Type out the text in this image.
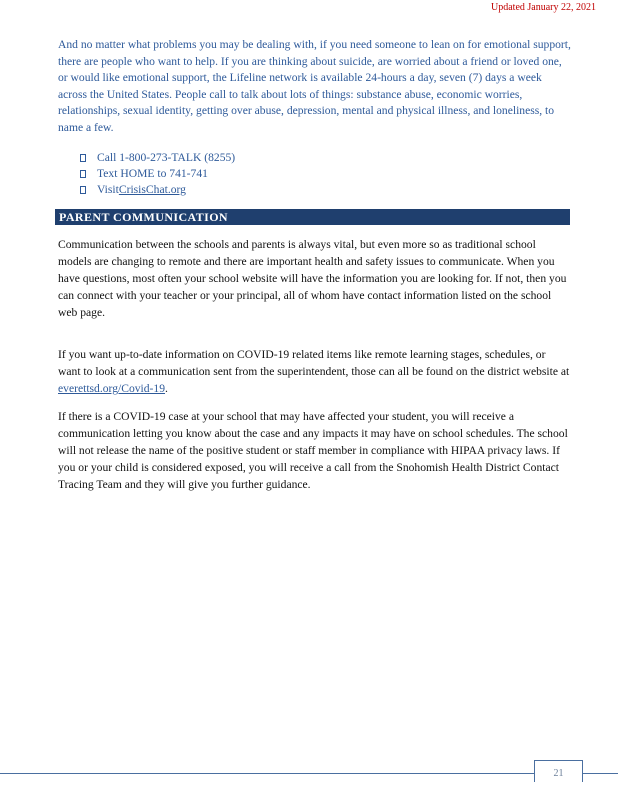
Updated January 22, 2021

And no matter what problems you may be dealing with, if you need someone to lean on for emotional support, there are people who want to help. If you are thinking about suicide, are worried about a friend or loved one, or would like emotional support, the Lifeline network is available 24-hours a day, seven (7) days a week across the United States. People call to talk about lots of things: substance abuse, economic worries, relationships, sexual identity, getting over abuse, depression, mental and physical illness, and loneliness, to name a few.

Call 1-800-273-TALK (8255)
Text HOME to 741-741
Visit CrisisChat.org
PARENT COMMUNICATION

Communication between the schools and parents is always vital, but even more so as traditional school models are changing to remote and there are important health and safety issues to communicate. When you have questions, most often your school website will have the information you are looking for. If not, then you can connect with your teacher or your principal, all of whom have contact information listed on the school web page.

If you want up-to-date information on COVID-19 related items like remote learning stages, schedules, or want to look at a communication sent from the superintendent, those can all be found on the district website at everettsd.org/Covid-19.

If there is a COVID-19 case at your school that may have affected your student, you will receive a communication letting you know about the case and any impacts it may have on school schedules. The school will not release the name of the positive student or staff member in compliance with HIPAA privacy laws. If you or your child is considered exposed, you will receive a call from the Snohomish Health District Contact Tracing Team and they will give you further guidance.

21
